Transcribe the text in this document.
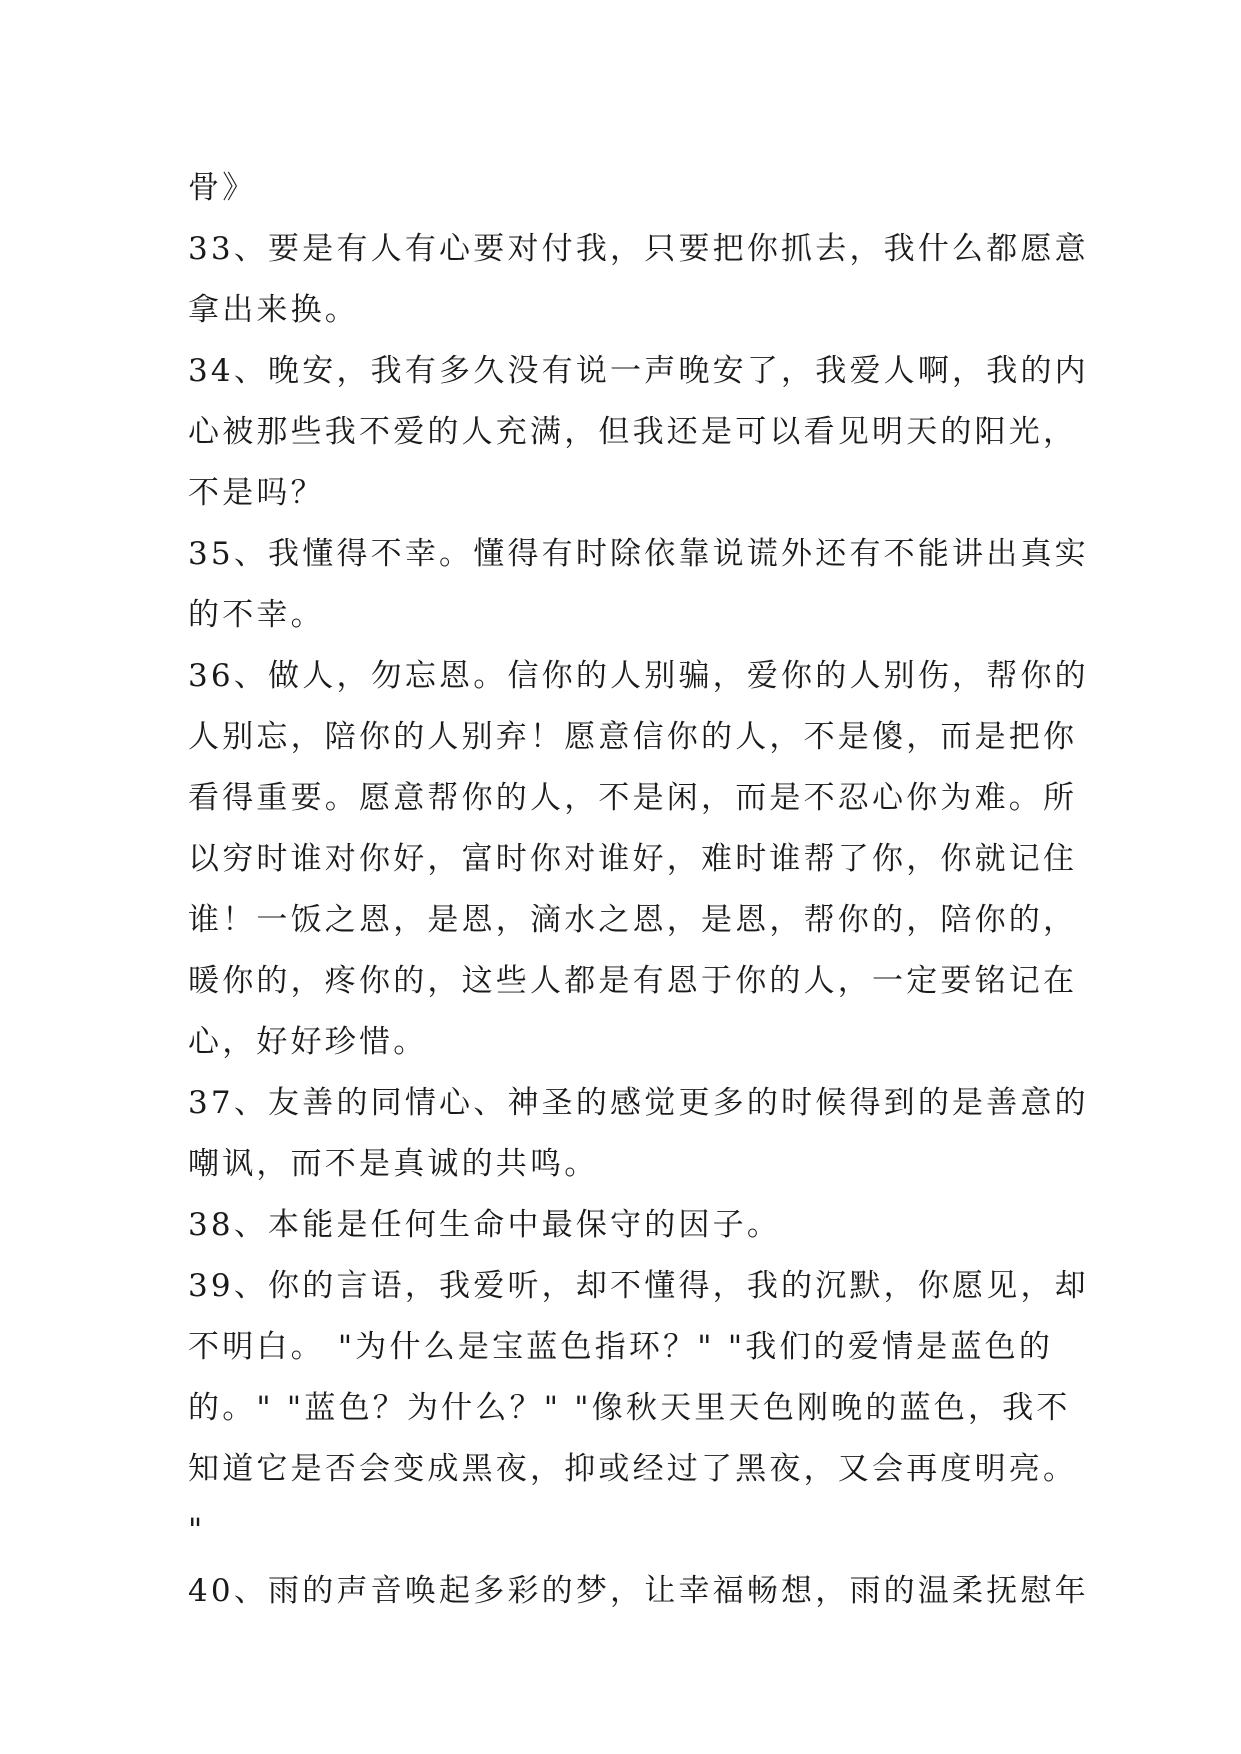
骨》
33、要是有人有心要对付我，只要把你抓去，我什么都愿意
拿出来换。
34、晚安，我有多久没有说一声晚安了，我爱人啊，我的内
心被那些我不爱的人充满，但我还是可以看见明天的阳光，
不是吗？
35、我懂得不幸。懂得有时除依靠说谎外还有不能讲出真实
的不幸。
36、做人，勿忘恩。信你的人别骗，爱你的人别伤，帮你的
人别忘，陪你的人别弃！愿意信你的人，不是傻，而是把你
看得重要。愿意帮你的人，不是闲，而是不忍心你为难。所
以穷时谁对你好，富时你对谁好，难时谁帮了你，你就记住
谁！一饭之恩，是恩，滴水之恩，是恩，帮你的，陪你的，
暖你的，疼你的，这些人都是有恩于你的人，一定要铭记在
心，好好珍惜。
37、友善的同情心、神圣的感觉更多的时候得到的是善意的
嘲讽，而不是真诚的共鸣。
38、本能是任何生命中最保守的因子。
39、你的言语，我爱听，却不懂得，我的沉默，你愿见，却
不明白。 "为什么是宝蓝色指环？" "我们的爱情是蓝色的
的。" "蓝色？为什么？" "像秋天里天色刚晚的蓝色，我不
知道它是否会变成黑夜，抑或经过了黑夜，又会再度明亮。
"
40、雨的声音唤起多彩的梦，让幸福畅想，雨的温柔抚慰年
